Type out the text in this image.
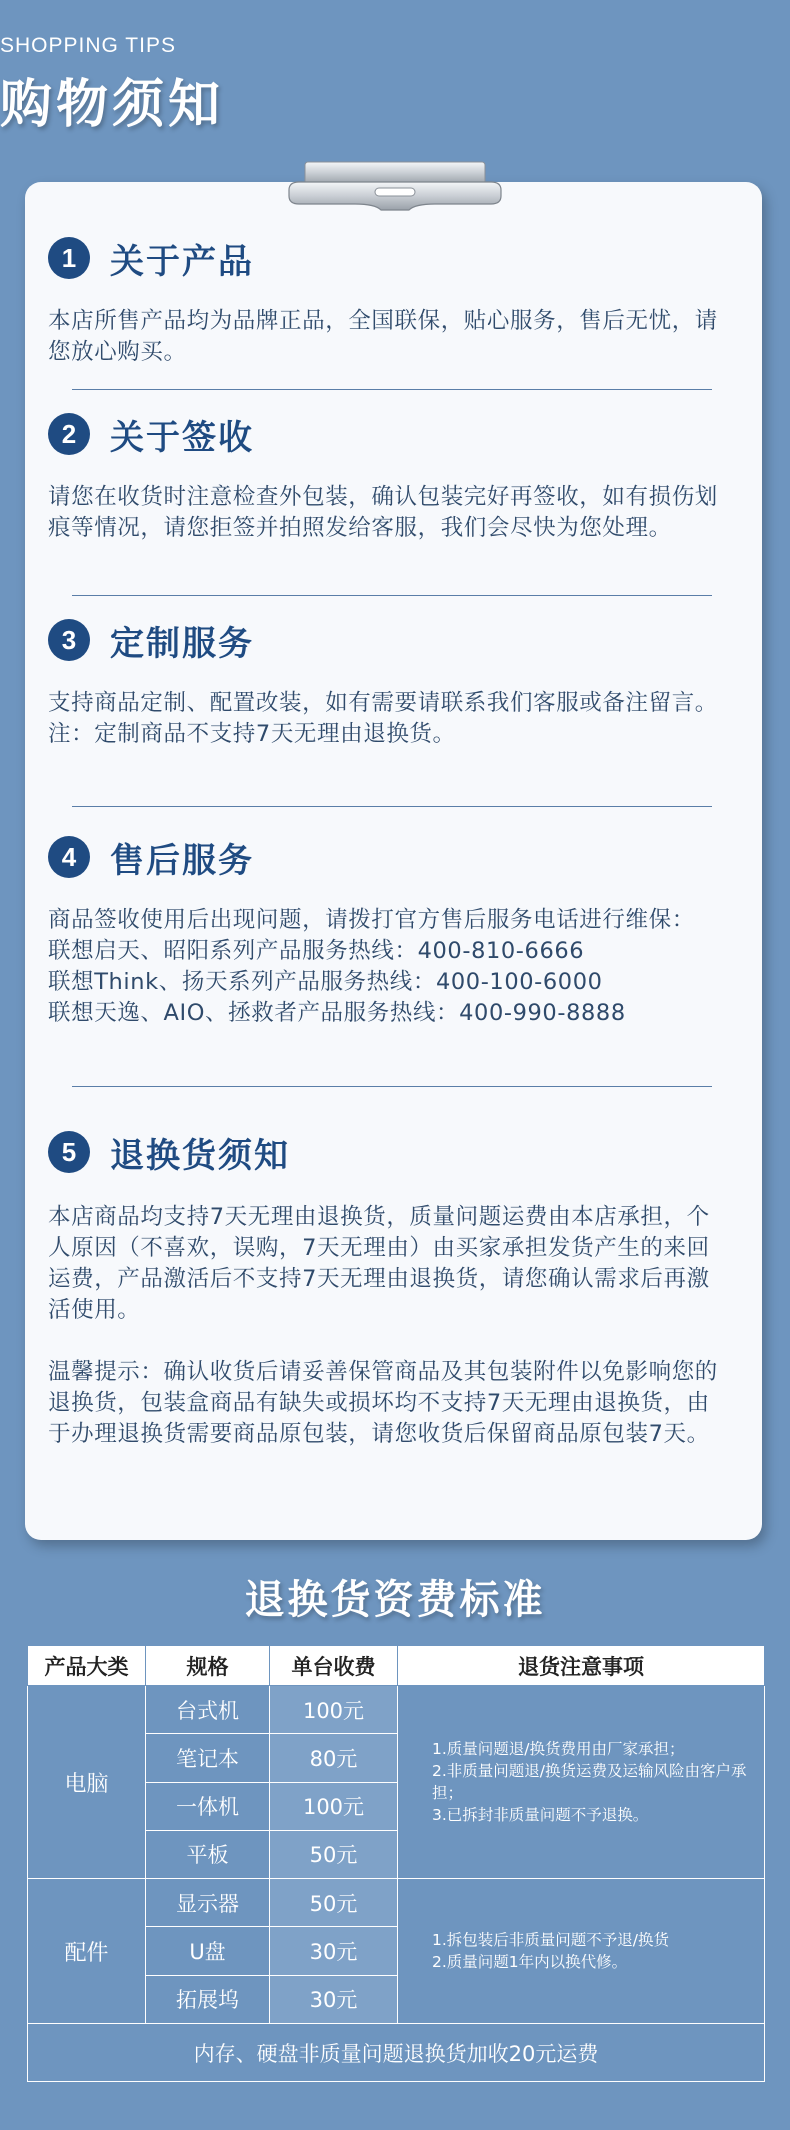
SHOPPING TIPS
购物须知
1 关于产品

本店所售产品均为品牌正品，全国联保，贴心服务，售后无忧，请您放心购买。

2 关于签收

请您在收货时注意检查外包装，确认包装完好再签收，如有损伤划痕等情况，请您拒签并拍照发给客服，我们会尽快为您处理。

3 定制服务

支持商品定制、配置改装，如有需要请联系我们客服或备注留言。

注：定制商品不支持7天无理由退换货。

4 售后服务

商品签收使用后出现问题，请拨打官方售后服务电话进行维保：

联想启天、昭阳系列产品服务热线：400-810-6666

联想Think、扬天系列产品服务热线：400-100-6000

联想天逸、AIO、拯救者产品服务热线：400-990-8888

5 退换货须知

本店商品均支持7天无理由退换货，质量问题运费由本店承担，个人原因（不喜欢，误购，7天无理由）由买家承担发货产生的来回运费，产品激活后不支持7天无理由退换货，请您确认需求后再激活使用。

温馨提示：确认收货后请妥善保管商品及其包装附件以免影响您的退换货，包装盒商品有缺失或损坏均不支持7天无理由退换货，由于办理退换货需要商品原包装，请您收货后保留商品原包装7天。

退换货资费标准
产品大类	规格	单台收费	退货注意事项
电脑	台式机	100元	1.质量问题退/换货费用由厂家承担；
2.非质量问题退/换货运费及运输风险由客户承担；
3.已拆封非质量问题不予退换。

	笔记本	80元	
	一体机	100元	
	平板	50元	
配件	显示器	50元	1.拆包装后非质量问题不予退/换货
2.质量问题1年内以换代修。

	U盘	30元	
	拓展坞	30元	
内存、硬盘非质量问题退换货加收20元运费			
